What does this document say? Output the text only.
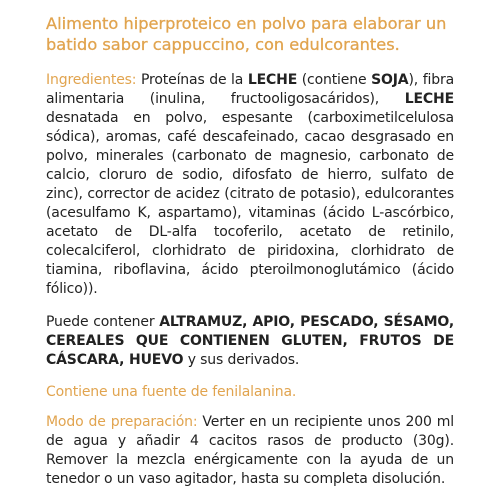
Alimento hiperproteico en polvo para elaborar un batido sabor cappuccino, con edulcorantes.

Ingredientes: Proteínas de la LECHE (contiene SOJA), fibra alimentaria (inulina, fructooligosacáridos), LECHE desnatada en polvo, espesante (carboximetilcelulosa sódica), aromas, café descafeinado, cacao desgrasado en polvo, minerales (carbonato de magnesio, carbonato de calcio, cloruro de sodio, difosfato de hierro, sulfato de zinc), corrector de acidez (citrato de potasio), edulcorantes (acesulfamo K, aspartamo), vitaminas (ácido L-ascórbico, acetato de DL-alfa tocoferilo, acetato de retinilo, colecalciferol, clorhidrato de piridoxina, clorhidrato de tiamina, riboflavina, ácido pteroilmonoglutámico (ácido fólico)).

Puede contener ALTRAMUZ, APIO, PESCADO, SÉSAMO, CEREALES QUE CONTIENEN GLUTEN, FRUTOS DE CÁSCARA, HUEVO y sus derivados.

Contiene una fuente de fenilalanina.

Modo de preparación: Verter en un recipiente unos 200 ml de agua y añadir 4 cacitos rasos de producto (30g). Remover la mezcla enérgicamente con la ayuda de un tenedor o un vaso agitador, hasta su completa disolución.
